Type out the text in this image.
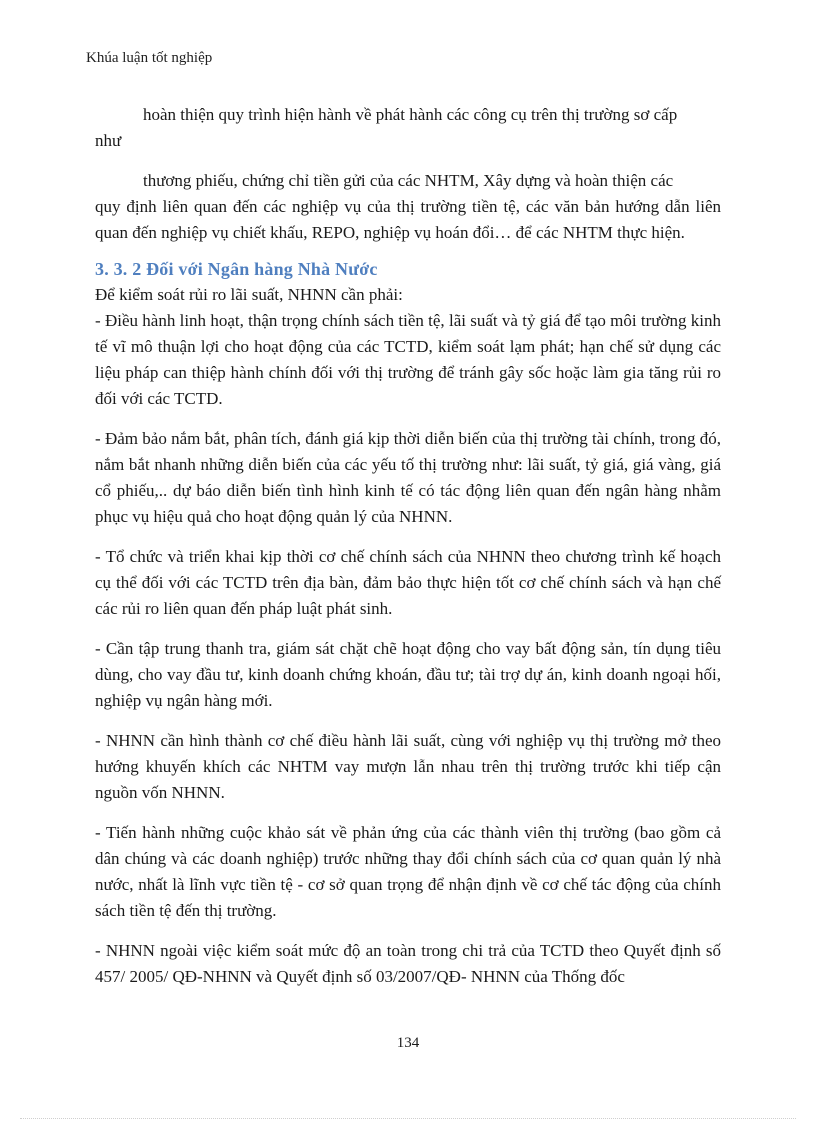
Khúa luận tốt nghiệp

hoàn thiện quy trình hiện hành về phát hành các công cụ trên thị trường sơ cấp

như

thương phiếu, chứng chỉ tiền gửi của các NHTM, Xây dựng và hoàn thiện các

quy định liên quan đến các nghiệp vụ của thị trường tiền tệ, các văn bản hướng dẫn liên quan đến nghiệp vụ chiết khấu, REPO, nghiệp vụ hoán đổi… để các NHTM thực hiện.

3. 3. 2 Đối với Ngân hàng Nhà Nước

Để kiểm soát rủi ro lãi suất, NHNN cần phải:

- Điều hành linh hoạt, thận trọng chính sách tiền tệ, lãi suất và tỷ giá để tạo môi trường kinh tế vĩ mô thuận lợi cho hoạt động của các TCTD, kiểm soát lạm phát; hạn chế sử dụng các liệu pháp can thiệp hành chính đối với thị trường để tránh gây sốc hoặc làm gia tăng rủi ro đối với các TCTD.

- Đảm bảo nắm bắt, phân tích, đánh giá kịp thời diễn biến của thị trường tài chính, trong đó, nắm bắt nhanh những diễn biến của các yếu tố thị trường như: lãi suất, tỷ giá, giá vàng, giá cổ phiếu,.. dự báo diễn biến tình hình kinh tế có tác động liên quan đến ngân hàng nhằm phục vụ hiệu quả cho hoạt động quản lý của NHNN.

- Tổ chức và triển khai kịp thời cơ chế chính sách của NHNN theo chương trình kế hoạch cụ thể đối với các TCTD trên địa bàn, đảm bảo thực hiện tốt cơ chế chính sách và hạn chế các rủi ro liên quan đến pháp luật phát sinh.

- Cần tập trung thanh tra, giám sát chặt chẽ hoạt động cho vay bất động sản, tín dụng tiêu dùng, cho vay đầu tư, kinh doanh chứng khoán, đầu tư; tài trợ dự án, kinh doanh ngoại hối, nghiệp vụ ngân hàng mới.

- NHNN cần hình thành cơ chế điều hành lãi suất, cùng với nghiệp vụ thị trường mở theo hướng khuyến khích các NHTM vay mượn lẫn nhau trên thị trường trước khi tiếp cận nguồn vốn NHNN.

- Tiến hành những cuộc khảo sát về phản ứng của các thành viên thị trường (bao gồm cả dân chúng và các doanh nghiệp) trước những thay đổi chính sách của cơ quan quản lý nhà nước, nhất là lĩnh vực tiền tệ - cơ sở quan trọng để nhận định về cơ chế tác động của chính sách tiền tệ đến thị trường.

- NHNN ngoài việc kiểm soát mức độ an toàn trong chi trả của TCTD theo Quyết định số 457/ 2005/ QĐ-NHNN và Quyết định số 03/2007/QĐ- NHNN của Thống đốc

134
